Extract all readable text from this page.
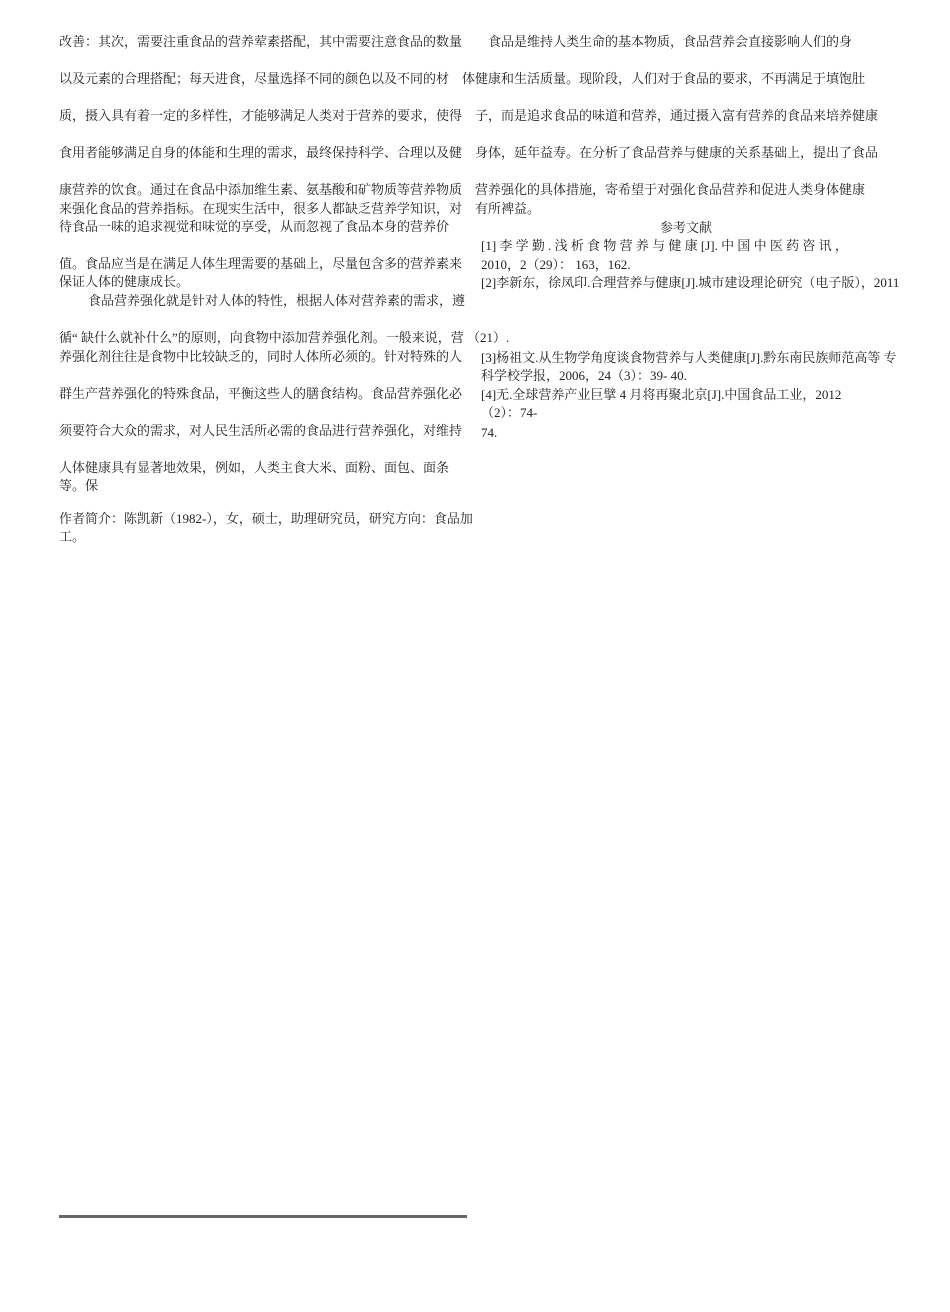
改善：其次，需要注重食品的营养荤素搭配，其中需要注意食品的数量　　食品是维持人类生命的基本物质，食品营养会直接影响人们的身
以及元素的合理搭配；每天进食，尽量选择不同的颜色以及不同的材　体健康和生活质量。现阶段，人们对于食品的要求，不再满足于填饱肚
质，摄入具有着一定的多样性，才能够满足人类对于营养的要求，使得　子，而是追求食品的味道和营养，通过摄入富有营养的食品来培养健康
食用者能够满足自身的体能和生理的需求，最终保持科学、合理以及健　身体，延年益寿。在分析了食品营养与健康的关系基础上，提出了食品
康营养的饮食。通过在食品中添加维生素、氨基酸和矿物质等营养物质　营养强化的具体措施，寄希望于对强化食品营养和促进人类身体健康
来强化食品的营养指标。在现实生活中，很多人都缺乏营养学知识，对　有所裨益。
待食品一味的追求视觉和味觉的享受，从而忽视了食品本身的营养价
值。食品应当是在满足人体生理需要的基础上，尽量包含多的营养素来 保证人体的健康成长。
食品营养强化就是针对人体的特性，根据人体对营养素的需求，遵
循“ 缺什么就补什么”的原则，向食物中添加营养强化剂。一般来说，营 （21）.
养强化剂往往是食物中比较缺乏的，同时人体所必须的。针对特殊的人
群生产营养强化的特殊食品，平衡这些人的膳食结构。食品营养强化必
须要符合大众的需求，对人民生活所必需的食品进行营养强化，对维持
人体健康具有显著地效果，例如，人类主食大米、面粉、面包、面条等。保
作者简介：陈凯新（1982-），女，硕士，助理研究员，研究方向：食品加工。
参考文献
[1] 李 学 勤 . 浅 析 食 物 营 养 与 健 康 [J]. 中 国 中 医 药 咨 讯 ，
2010，2（29）： 163，162.
[2]李新东，徐凤印.合理营养与健康[J].城市建设理论研究（电子版），2011
[3]杨祖文.从生物学角度谈食物营养与人类健康[J].黔东南民族师范高等 专科学校学报，2006，24（3）：39- 40.
[4]无.全球营养产业巨擘 4 月将再聚北京[J].中国食品工业，2012（2）：74-
74.
